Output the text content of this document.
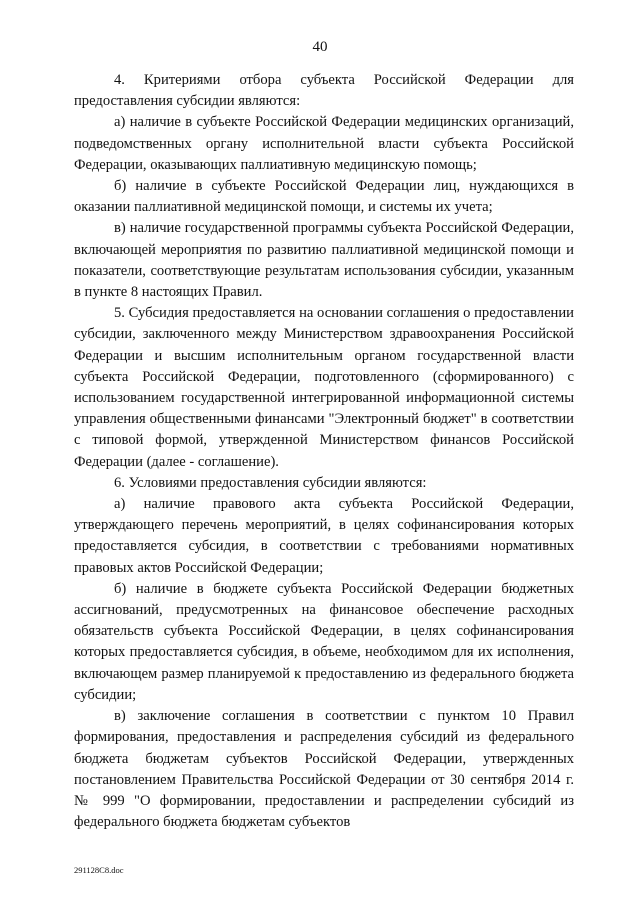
40

4. Критериями отбора субъекта Российской Федерации для предоставления субсидии являются:

а) наличие в субъекте Российской Федерации медицинских организаций, подведомственных органу исполнительной власти субъекта Российской Федерации, оказывающих паллиативную медицинскую помощь;

б) наличие в субъекте Российской Федерации лиц, нуждающихся в оказании паллиативной медицинской помощи, и системы их учета;

в) наличие государственной программы субъекта Российской Федерации, включающей мероприятия по развитию паллиативной медицинской помощи и показатели, соответствующие результатам использования субсидии, указанным в пункте 8 настоящих Правил.

5. Субсидия предоставляется на основании соглашения о предоставлении субсидии, заключенного между Министерством здравоохранения Российской Федерации и высшим исполнительным органом государственной власти субъекта Российской Федерации, подготовленного (сформированного) с использованием государственной интегрированной информационной системы управления общественными финансами "Электронный бюджет" в соответствии с типовой формой, утвержденной Министерством финансов Российской Федерации (далее - соглашение).

6. Условиями предоставления субсидии являются:

а) наличие правового акта субъекта Российской Федерации, утверждающего перечень мероприятий, в целях софинансирования которых предоставляется субсидия, в соответствии с требованиями нормативных правовых актов Российской Федерации;

б) наличие в бюджете субъекта Российской Федерации бюджетных ассигнований, предусмотренных на финансовое обеспечение расходных обязательств субъекта Российской Федерации, в целях софинансирования которых предоставляется субсидия, в объеме, необходимом для их исполнения, включающем размер планируемой к предоставлению из федерального бюджета субсидии;

в) заключение соглашения в соответствии с пунктом 10 Правил формирования, предоставления и распределения субсидий из федерального бюджета бюджетам субъектов Российской Федерации, утвержденных постановлением Правительства Российской Федерации от 30 сентября 2014 г. № 999 "О формировании, предоставлении и распределении субсидий из федерального бюджета бюджетам субъектов

291128С8.doc
